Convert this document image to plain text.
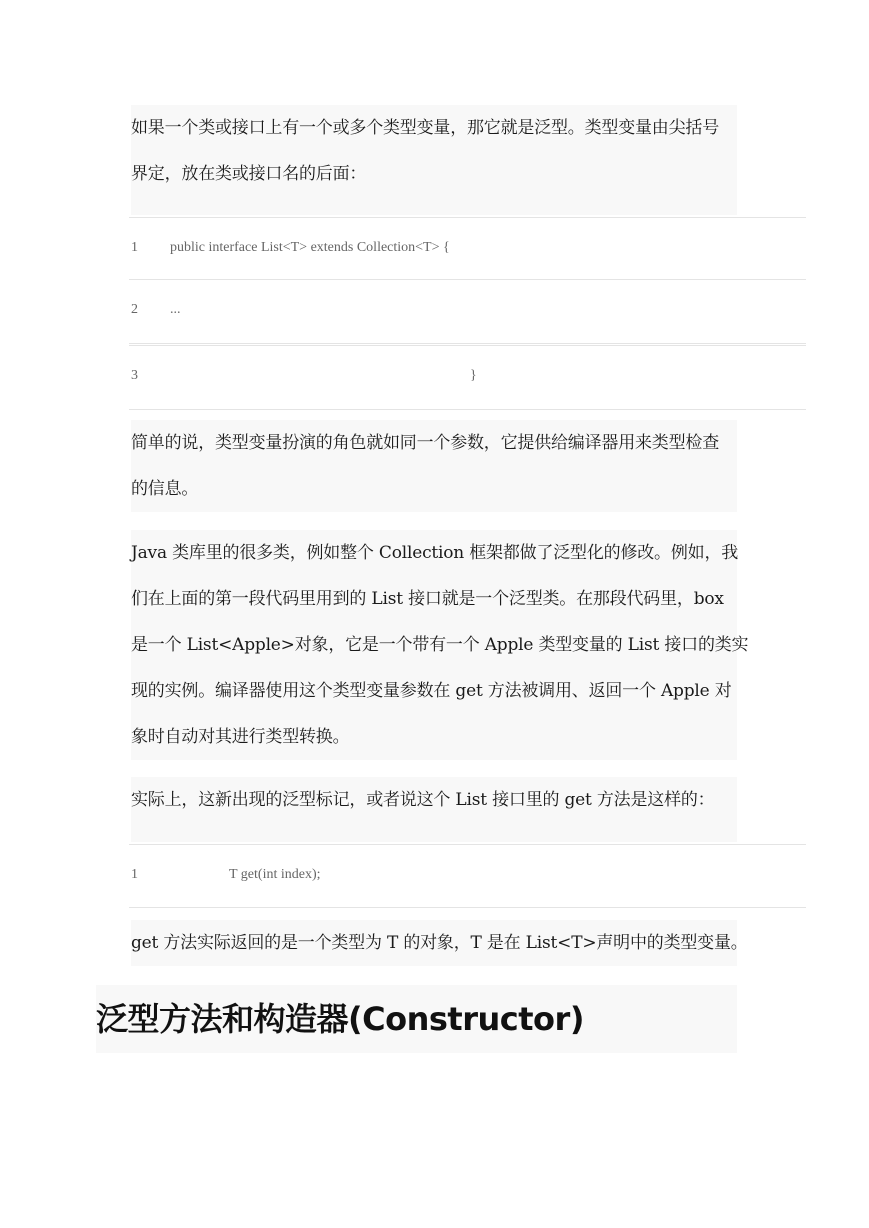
如果一个类或接口上有一个或多个类型变量，那它就是泛型。类型变量由尖括号
界定，放在类或接口名的后面：
1 public interface List<T> extends Collection<T> {
2 ...
3	}
简单的说，类型变量扮演的角色就如同一个参数，它提供给编译器用来类型检查
的信息。
Java 类库里的很多类，例如整个 Collection 框架都做了泛型化的修改。例如，我
们在上面的第一段代码里用到的 List 接口就是一个泛型类。在那段代码里，box
是一个 List<Apple>对象，它是一个带有一个 Apple 类型变量的 List 接口的类实
现的实例。编译器使用这个类型变量参数在 get 方法被调用、返回一个 Apple 对
象时自动对其进行类型转换。
实际上，这新出现的泛型标记，或者说这个 List 接口里的 get 方法是这样的：
1	T get(int index);
get 方法实际返回的是一个类型为 T 的对象，T 是在 List<T>声明中的类型变量。
泛型方法和构造器(Constructor)
